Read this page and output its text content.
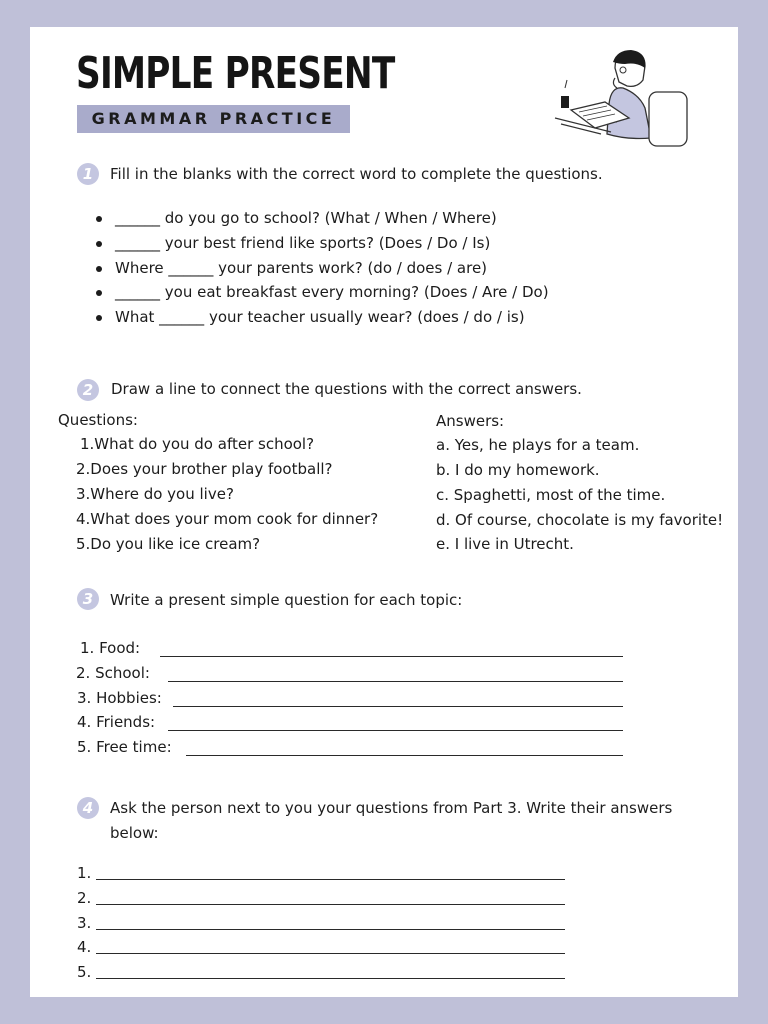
SIMPLE PRESENT
GRAMMAR PRACTICE
1	Fill in the blanks with the correct word to complete the questions.
______ do you go to school? (What / When / Where)
______ your best friend like sports? (Does / Do / Is)
Where ______ your parents work? (do / does / are)
______ you eat breakfast every morning? (Does / Are / Do)
What ______ your teacher usually wear? (does / do / is)
2	Draw a line to connect the questions with the correct answers.
Questions:
1.What do you do after school?
2.Does your brother play football?
3.Where do you live?
4.What does your mom cook for dinner?
5.Do you like ice cream?
Answers:
a. Yes, he plays for a team.
b. I do my homework.
c. Spaghetti, most of the time.
d. Of course, chocolate is my favorite!
e. I live in Utrecht.
3	Write a present simple question for each topic:
1. Food:
2. School:
3. Hobbies:
4. Friends:
5. Free time:
4	Ask the person next to you your questions from Part 3. Write their answers
below:
1.
2.
3.
4.
5.
